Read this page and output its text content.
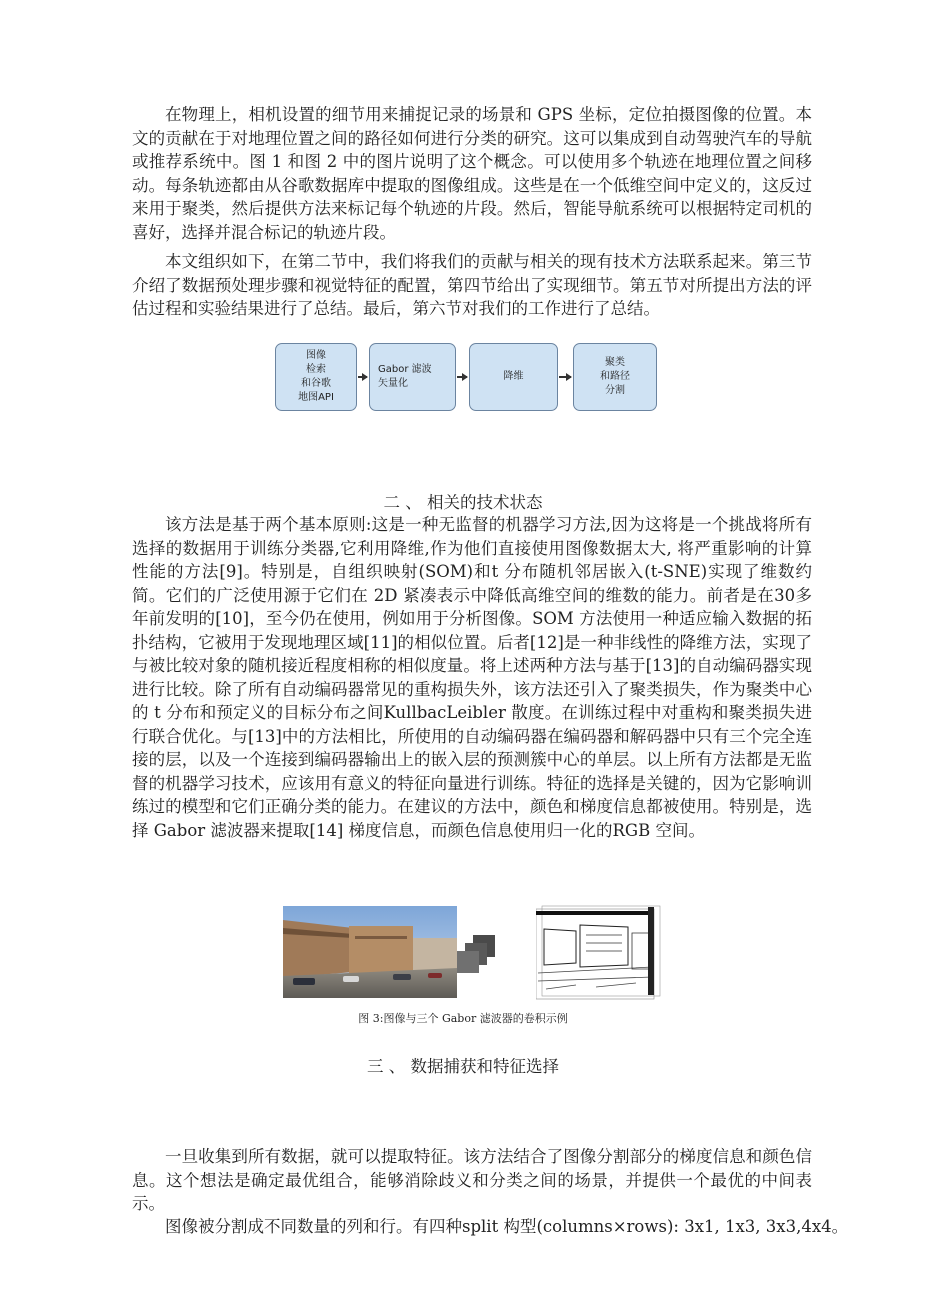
在物理上，相机设置的细节用来捕捉记录的场景和 GPS 坐标，定位拍摄图像的位置。本文的贡献在于对地理位置之间的路径如何进行分类的研究。这可以集成到自动驾驶汽车的导航或推荐系统中。图 1 和图 2 中的图片说明了这个概念。可以使用多个轨迹在地理位置之间移动。每条轨迹都由从谷歌数据库中提取的图像组成。这些是在一个低维空间中定义的，这反过来用于聚类，然后提供方法来标记每个轨迹的片段。然后，智能导航系统可以根据特定司机的喜好，选择并混合标记的轨迹片段。

本文组织如下，在第二节中，我们将我们的贡献与相关的现有技术方法联系起来。第三节介绍了数据预处理步骤和视觉特征的配置，第四节给出了实现细节。第五节对所提出方法的评估过程和实验结果进行了总结。最后，第六节对我们的工作进行了总结。

图像
检索
和谷歌
地图API
Gabor 滤波
矢量化
降维
聚类
和路径
分割

二 、 相关的技术状态

该方法是基于两个基本原则:这是一种无监督的机器学习方法,因为这将是一个挑战将所有选择的数据用于训练分类器,它利用降维,作为他们直接使用图像数据太大, 将严重影响的计算性能的方法[9]。特别是，自组织映射(SOM)和t 分布随机邻居嵌入(t-SNE)实现了维数约简。它们的广泛使用源于它们在 2D 紧凑表示中降低高维空间的维数的能力。前者是在30多年前发明的[10]，至今仍在使用，例如用于分析图像。SOM 方法使用一种适应输入数据的拓扑结构，它被用于发现地理区域[11]的相似位置。后者[12]是一种非线性的降维方法，实现了与被比较对象的随机接近程度相称的相似度量。将上述两种方法与基于[13]的自动编码器实现进行比较。除了所有自动编码器常见的重构损失外，该方法还引入了聚类损失，作为聚类中心的 t 分布和预定义的目标分布之间KullbacLeibler 散度。在训练过程中对重构和聚类损失进行联合优化。与[13]中的方法相比，所使用的自动编码器在编码器和解码器中只有三个完全连接的层，以及一个连接到编码器输出上的嵌入层的预测簇中心的单层。以上所有方法都是无监督的机器学习技术，应该用有意义的特征向量进行训练。特征的选择是关键的，因为它影响训练过的模型和它们正确分类的能力。在建议的方法中，颜色和梯度信息都被使用。特别是，选择 Gabor 滤波器来提取[14] 梯度信息，而颜色信息使用归一化的RGB 空间。

图 3:图像与三个 Gabor 滤波器的卷积示例

三 、 数据捕获和特征选择

一旦收集到所有数据，就可以提取特征。该方法结合了图像分割部分的梯度信息和颜色信息。这个想法是确定最优组合，能够消除歧义和分类之间的场景，并提供一个最优的中间表示。

图像被分割成不同数量的列和行。有四种split 构型(columns×rows): 3x1, 1x3, 3x3,4x4。
